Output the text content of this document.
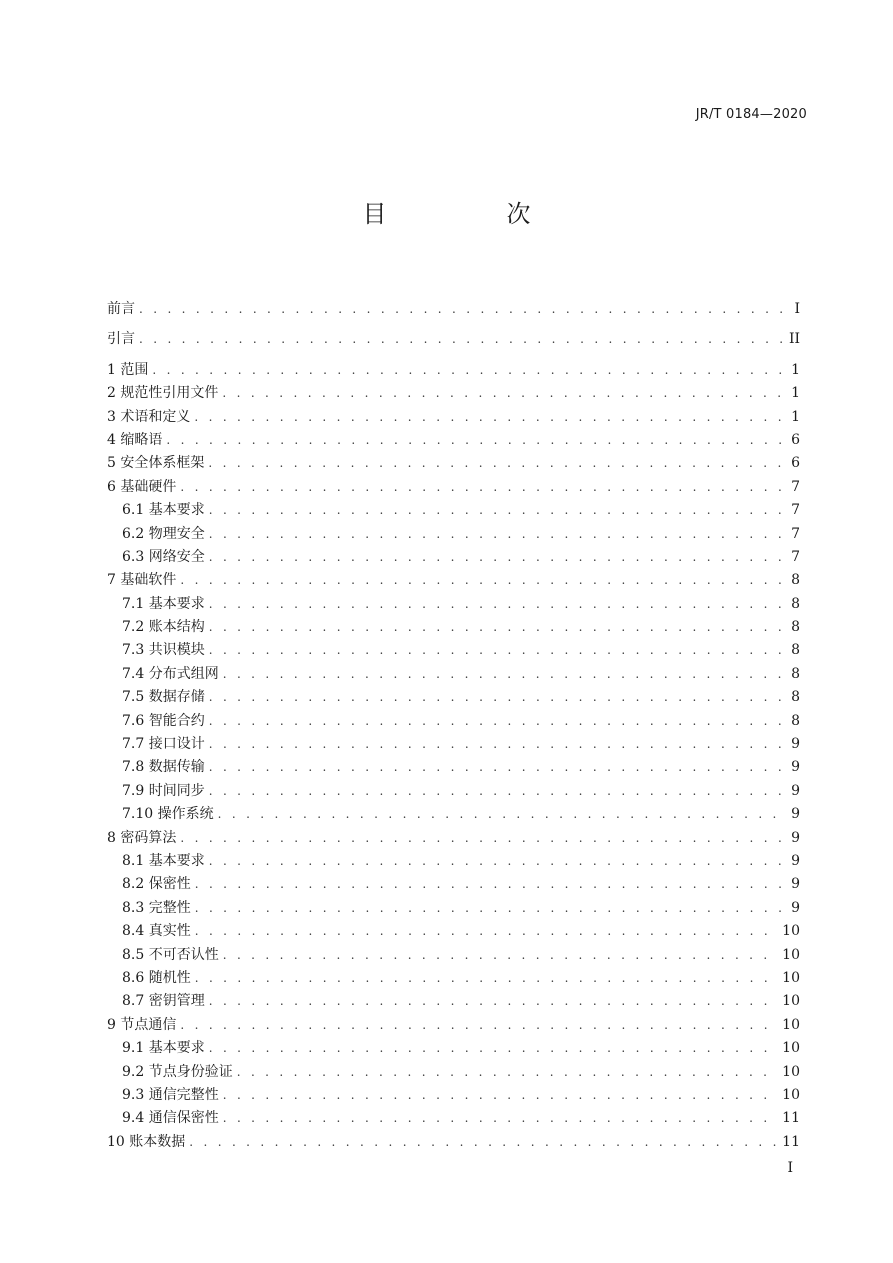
JR/T 0184—2020
目　次
前言 . . .	I
引言 . . .	II
1 范围 . . .	1
2 规范性引用文件 . . .	1
3 术语和定义 . . .	1
4 缩略语 . . .	6
5 安全体系框架 . . .	6
6 基础硬件 . . .	7
6.1 基本要求 . . .	7
6.2 物理安全 . . .	7
6.3 网络安全 . . .	7
7 基础软件 . . .	8
7.1 基本要求 . . .	8
7.2 账本结构 . . .	8
7.3 共识模块 . . .	8
7.4 分布式组网 . . .	8
7.5 数据存储 . . .	8
7.6 智能合约 . . .	8
7.7 接口设计 . . .	9
7.8 数据传输 . . .	9
7.9 时间同步 . . .	9
7.10 操作系统 . . .	9
8 密码算法 . . .	9
8.1 基本要求 . . .	9
8.2 保密性 . . .	9
8.3 完整性 . . .	9
8.4 真实性 . . .	10
8.5 不可否认性 . . .	10
8.6 随机性 . . .	10
8.7 密钥管理 . . .	10
9 节点通信 . . .	10
9.1 基本要求 . . .	10
9.2 节点身份验证 . . .	10
9.3 通信完整性 . . .	10
9.4 通信保密性 . . .	11
10 账本数据 . . .	11
I
